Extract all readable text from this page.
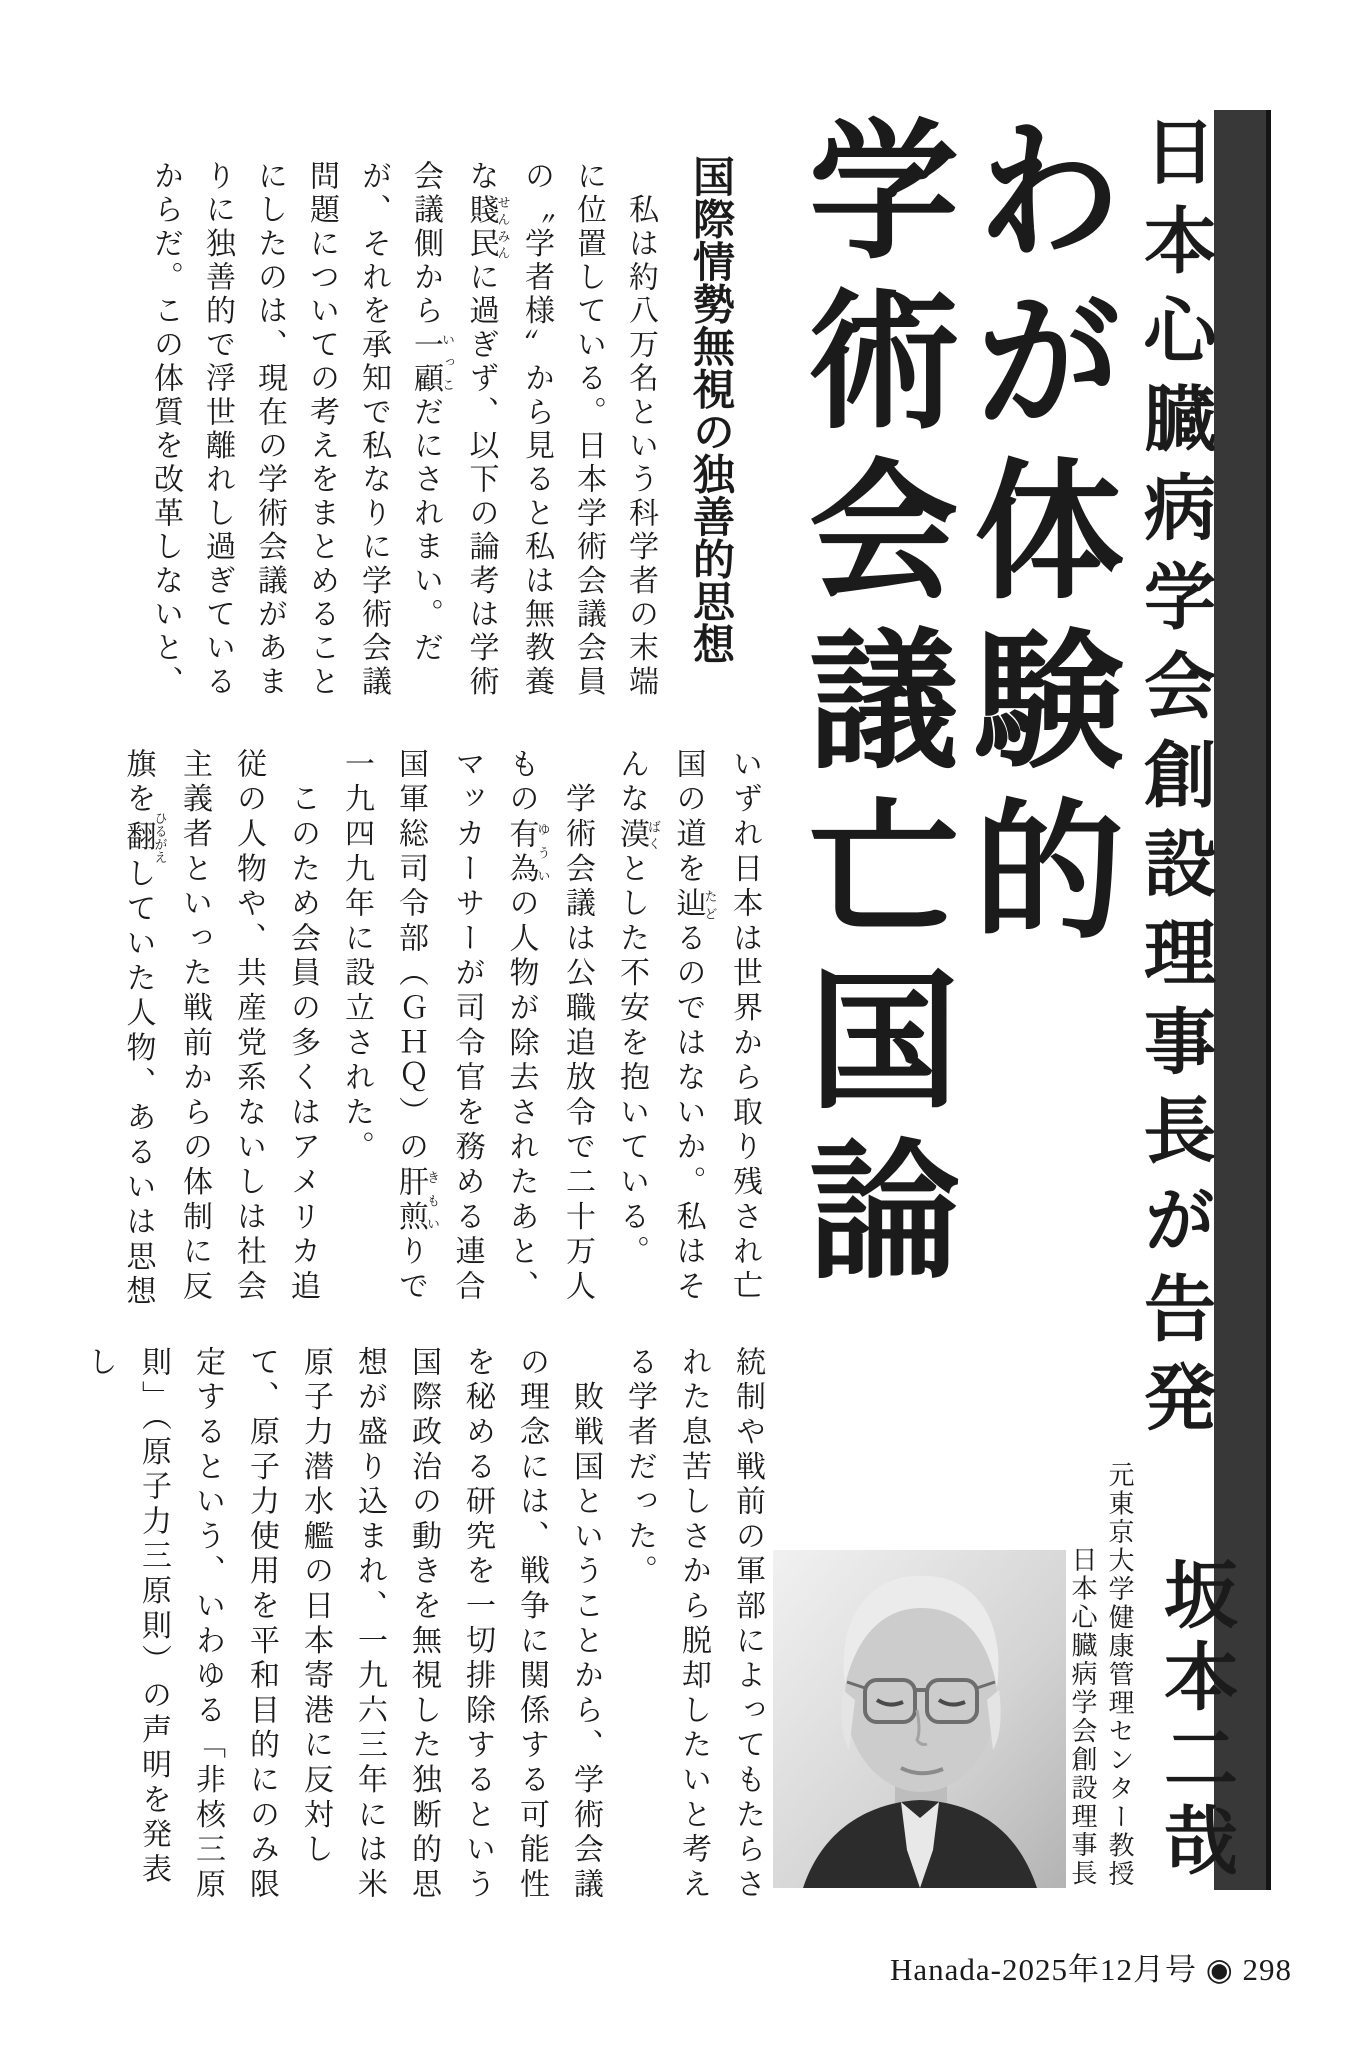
日本心臓病学会創設理事長が告発
わが体験的
学術会議亡国論
国際情勢無視の独善的思想

　私は約八万名という科学者の末端

に位置している。日本学術会議会員

の〝学者様〟から見ると私は無教養

な賤民せんみんに過ぎず、以下の論考は学術

会議側から一顧いっこだにされまい。だ

が、それを承知で私なりに学術会議

問題についての考えをまとめること

にしたのは、現在の学術会議があま

りに独善的で浮世離れし過ぎている

からだ。この体質を改革しないと、

いずれ日本は世界から取り残され亡

国の道を辿たどるのではないか。私はそ

んな漠ばくとした不安を抱いている。

　学術会議は公職追放令で二十万人

もの有為ゆういの人物が除去されたあと、

マッカーサーが司令官を務める連合

国軍総司令部（ＧＨＱ）の肝煎きもいりで

一九四九年に設立された。

　このため会員の多くはアメリカ追

従の人物や、共産党系ないしは社会

主義者といった戦前からの体制に反

旗を翻ひるがえしていた人物、あるいは思想

統制や戦前の軍部によってもたらさ

れた息苦しさから脱却したいと考え

る学者だった。

　敗戦国ということから、学術会議

の理念には、戦争に関係する可能性

を秘める研究を一切排除するという

国際政治の動きを無視した独断的思

想が盛り込まれ、一九六三年には米

原子力潜水艦の日本寄港に反対し

て、原子力使用を平和目的にのみ限

定するという、いわゆる「非核三原

則」（原子力三原則）の声明を発表し

坂本二哉

元東京大学健康管理センター教授

日本心臓病学会創設理事長

Hanada-2025年12月号 ◉ 298
